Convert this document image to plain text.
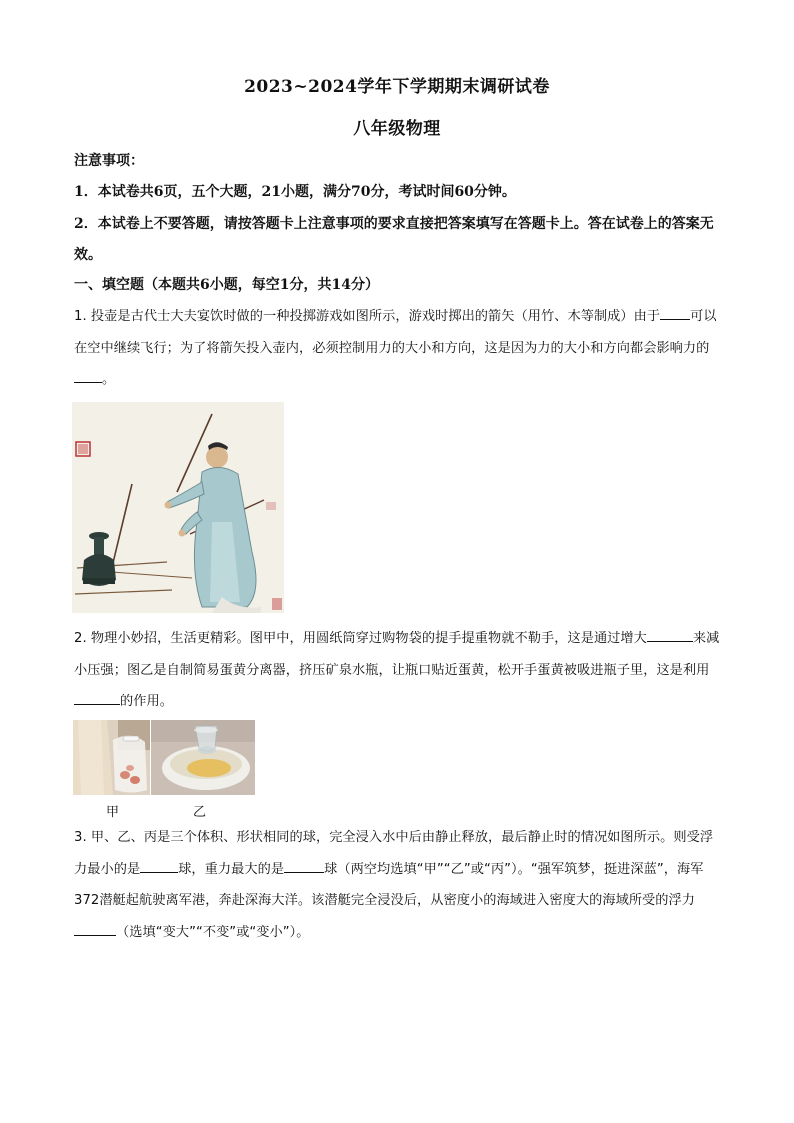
2023~2024学年下学期期末调研试卷
八年级物理
注意事项：
1．本试卷共6页，五个大题，21小题，满分70分，考试时间60分钟。
2．本试卷上不要答题，请按答题卡上注意事项的要求直接把答案填写在答题卡上。答在试卷上的答案无效。
一、填空题（本题共6小题，每空1分，共14分）
1. 投壶是古代士大夫宴饮时做的一种投掷游戏如图所示，游戏时掷出的箭矢（用竹、木等制成）由于 可以在空中继续飞行；为了将箭矢投入壶内，必须控制用力的大小和方向，这是因为力的大小和方向都会影响力的。
2. 物理小妙招，生活更精彩。图甲中，用圆纸筒穿过购物袋的提手提重物就不勒手，这是通过增大	来减小压强；图乙是自制简易蛋黄分离器，挤压矿泉水瓶，让瓶口贴近蛋黄，松开手蛋黄被吸进瓶子里，这是利用的作用。
甲	乙
3. 甲、乙、丙是三个体积、形状相同的球，完全浸入水中后由静止释放，最后静止时的情况如图所示。则受浮力最小的是	球，重力最大的是	球（两空均选填“甲”“乙”或“丙”）。“强军筑梦，挺进深蓝”，海军372潜艇起航驶离军港，奔赴深海大洋。该潜艇完全浸没后，从密度小的海域进入密度大的海域所受的浮力（选填“变大”“不变”或“变小”）。
